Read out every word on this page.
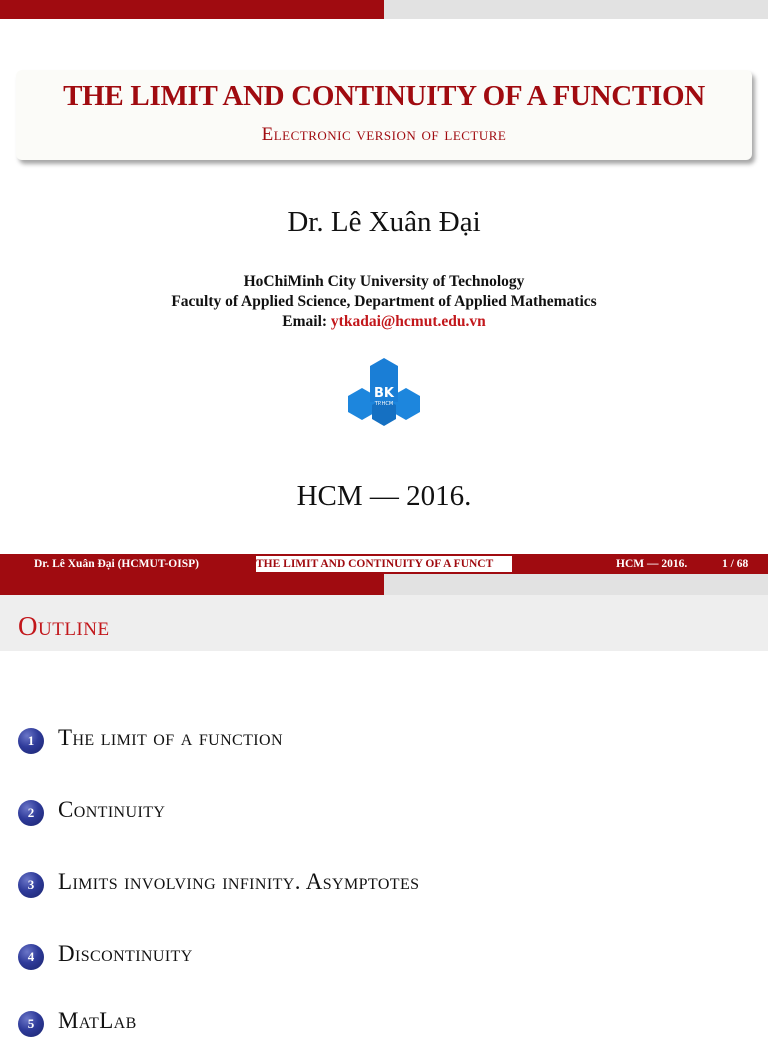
THE LIMIT AND CONTINUITY OF A FUNCTION
Electronic version of lecture
Dr. Lê Xuân Đại
HoChiMinh City University of Technology
Faculty of Applied Science, Department of Applied Mathematics
Email: ytkadai@hcmut.edu.vn
BK
TP.HCM
HCM — 2016.
Dr. Lê Xuân Đại (HCMUT-OISP)	THE LIMIT AND CONTINUITY OF A FUNCT	HCM — 2016.	1 / 68
Outline
1	The limit of a function
2	Continuity
3	Limits involving infinity. Asymptotes
4	Discontinuity
5	MatLab
